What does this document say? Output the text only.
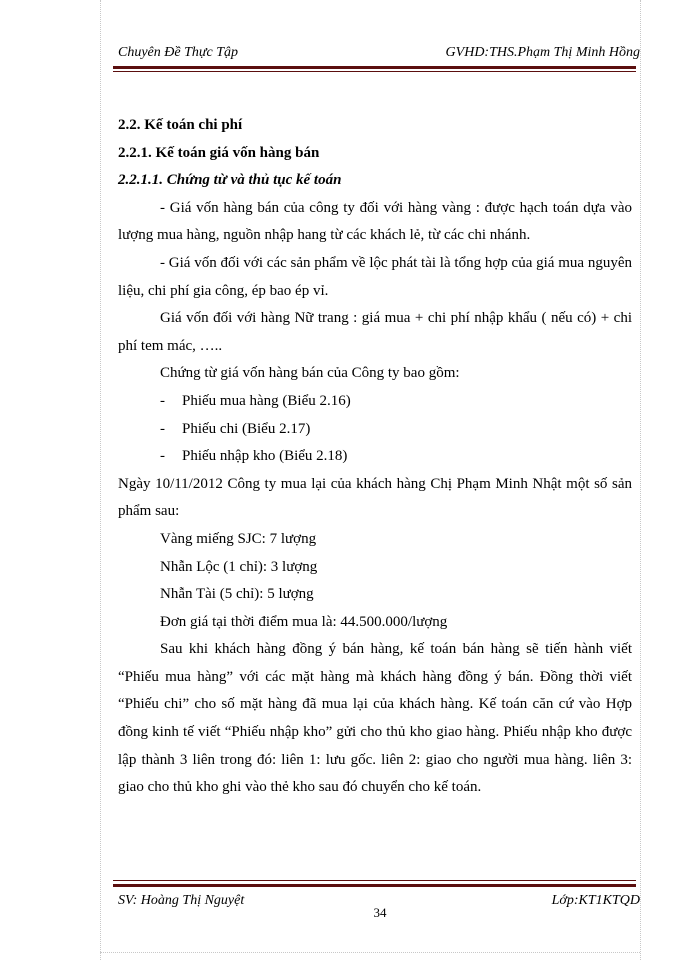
Chuyên Đề Thực Tập	GVHD:THS.Phạm Thị Minh Hồng

2.2. Kế toán chi phí

2.2.1. Kế toán giá vốn hàng bán

2.2.1.1. Chứng từ và thủ tục kế toán

- Giá vốn hàng bán của công ty đối với hàng vàng : được hạch toán dựa vào lượng mua hàng, nguồn nhập hang từ các khách lẻ, từ các chi nhánh.

- Giá vốn đối với các sản phẩm về lộc phát tài là tổng hợp của giá mua nguyên liệu, chi phí gia công, ép bao ép vỉ.

Giá vốn đối với hàng Nữ trang : giá mua + chi phí nhập khẩu ( nếu có) + chi phí tem mác, …..

Chứng từ giá vốn hàng bán của Công ty bao gồm:

- Phiếu mua hàng (Biểu 2.16)

- Phiếu chi (Biểu 2.17)

- Phiếu nhập kho (Biểu 2.18)

Ngày 10/11/2012 Công ty mua lại của khách hàng Chị Phạm Minh Nhật một số sản phẩm sau:

Vàng miếng SJC: 7 lượng

Nhẫn Lộc (1 chỉ): 3 lượng

Nhẫn Tài (5 chỉ): 5 lượng

Đơn giá tại thời điểm mua là: 44.500.000/lượng

Sau khi khách hàng đồng ý bán hàng, kế toán bán hàng sẽ tiến hành viết “Phiếu mua hàng” với các mặt hàng mà khách hàng đồng ý bán. Đồng thời viết “Phiếu chi” cho số mặt hàng đã mua lại của khách hàng. Kế toán căn cứ vào Hợp đồng kinh tế viết “Phiếu nhập kho” gửi cho thủ kho giao hàng. Phiếu nhập kho được lập thành 3 liên trong đó: liên 1: lưu gốc. liên 2: giao cho người mua hàng. liên 3: giao cho thủ kho ghi vào thẻ kho sau đó chuyển cho kế toán.

SV: Hoàng Thị Nguyệt	Lớp:KT1KTQD
34
